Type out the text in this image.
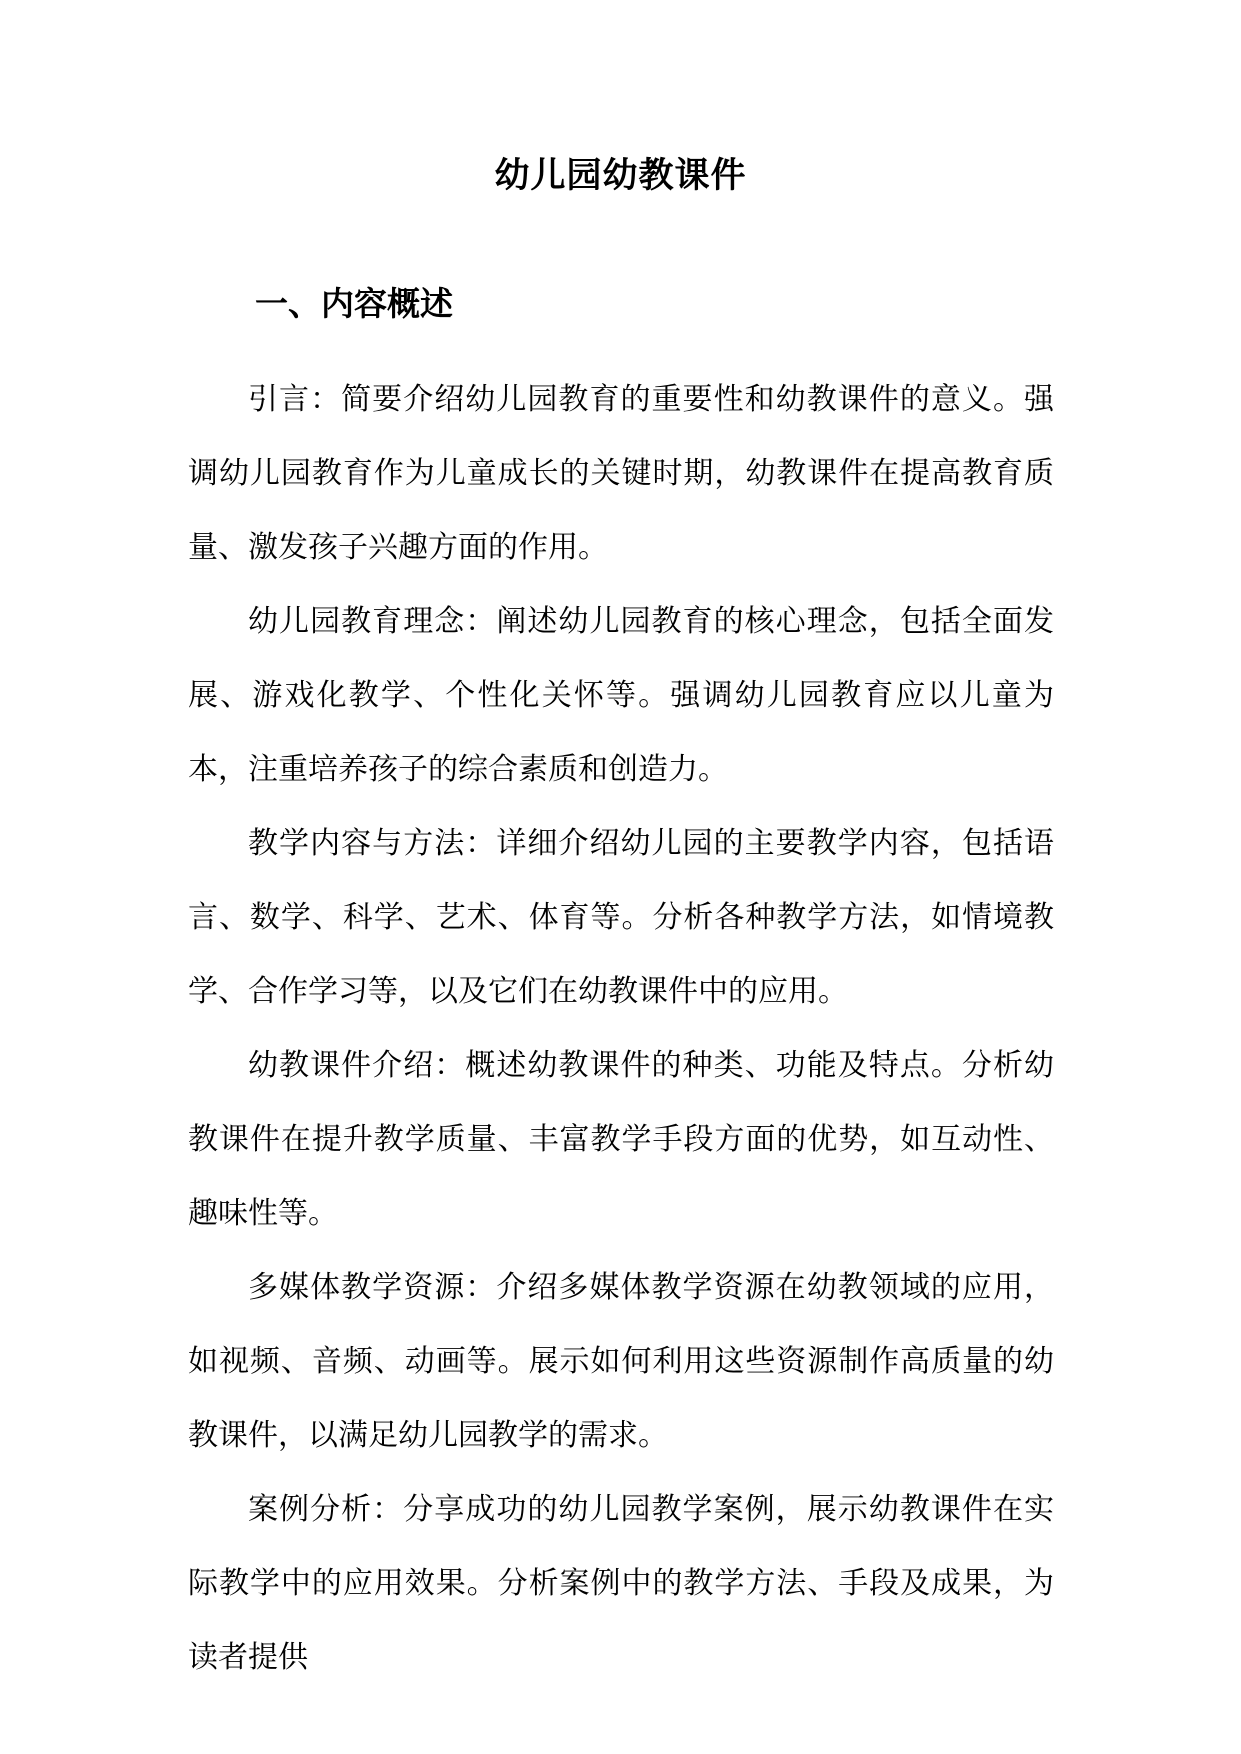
幼儿园幼教课件
一、内容概述

引言：简要介绍幼儿园教育的重要性和幼教课件的意义。强调幼儿园教育作为儿童成长的关键时期，幼教课件在提高教育质量、激发孩子兴趣方面的作用。

幼儿园教育理念：阐述幼儿园教育的核心理念，包括全面发展、游戏化教学、个性化关怀等。强调幼儿园教育应以儿童为本，注重培养孩子的综合素质和创造力。

教学内容与方法：详细介绍幼儿园的主要教学内容，包括语言、数学、科学、艺术、体育等。分析各种教学方法，如情境教学、合作学习等，以及它们在幼教课件中的应用。

幼教课件介绍：概述幼教课件的种类、功能及特点。分析幼教课件在提升教学质量、丰富教学手段方面的优势，如互动性、趣味性等。

多媒体教学资源：介绍多媒体教学资源在幼教领域的应用，如视频、音频、动画等。展示如何利用这些资源制作高质量的幼教课件，以满足幼儿园教学的需求。

案例分析：分享成功的幼儿园教学案例，展示幼教课件在实际教学中的应用效果。分析案例中的教学方法、手段及成果，为读者提供
